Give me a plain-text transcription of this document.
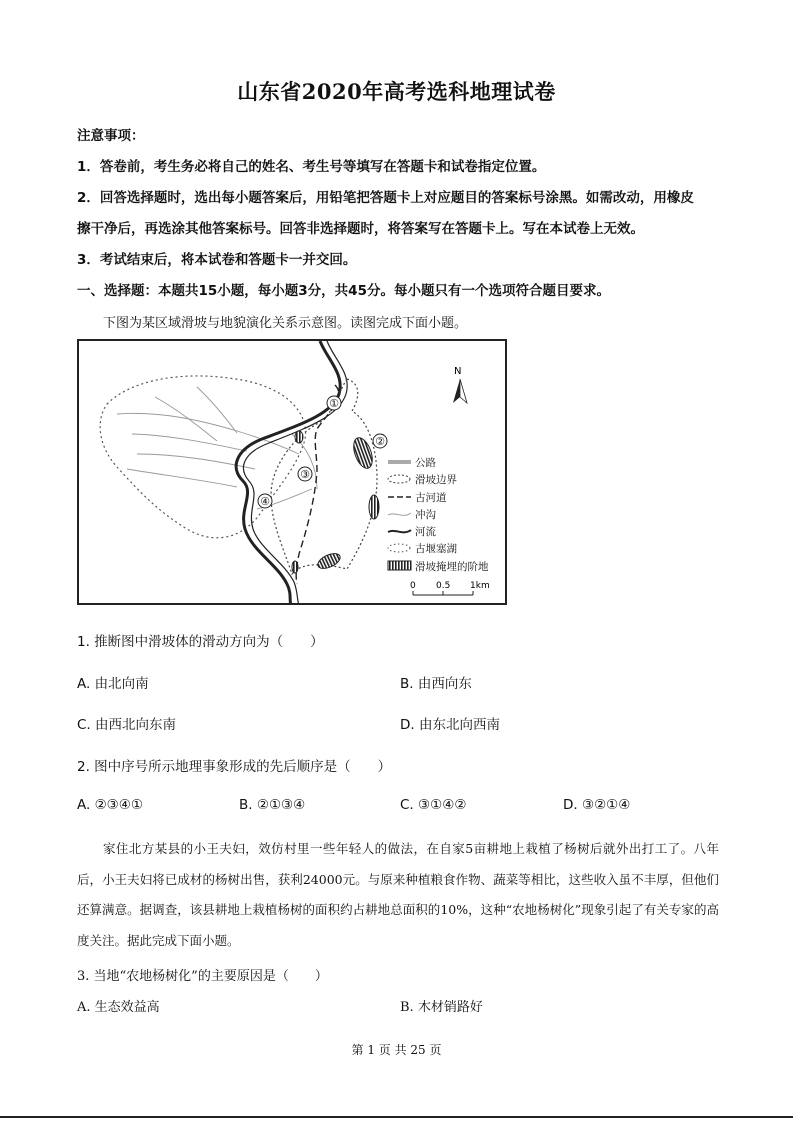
山东省2020年高考选科地理试卷
注意事项：
1．答卷前，考生务必将自己的姓名、考生号等填写在答题卡和试卷指定位置。
2．回答选择题时，选出每小题答案后，用铅笔把答题卡上对应题目的答案标号涂黑。如需改动，用橡皮
擦干净后，再选涂其他答案标号。回答非选择题时，将答案写在答题卡上。写在本试卷上无效。
3．考试结束后，将本试卷和答题卡一并交回。
一、选择题：本题共15小题，每小题3分，共45分。每小题只有一个选项符合题目要求。
下图为某区域滑坡与地貌演化关系示意图。读图完成下面小题。
①
②
③
④
N
公路
滑坡边界
古河道
冲沟
河流
古堰塞湖
滑坡掩埋的阶地
0 0.5 1km
1. 推断图中滑坡体的滑动方向为（　　）
A. 由北向南	B. 由西向东
C. 由西北向东南	D. 由东北向西南
2. 图中序号所示地理事象形成的先后顺序是（　　）
A. ②③④①	B. ②①③④	C. ③①④②	D. ③②①④
家住北方某县的小王夫妇，效仿村里一些年轻人的做法，在自家5亩耕地上栽植了杨树后就外出打工了。八年后，小王夫妇将已成材的杨树出售，获利24000元。与原来种植粮食作物、蔬菜等相比，这些收入虽不丰厚，但他们还算满意。据调查，该县耕地上栽植杨树的面积约占耕地总面积的10%，这种“农地杨树化”现象引起了有关专家的高度关注。据此完成下面小题。
3. 当地“农地杨树化”的主要原因是（　　）
A. 生态效益高	B. 木材销路好
第 1 页 共 25 页
